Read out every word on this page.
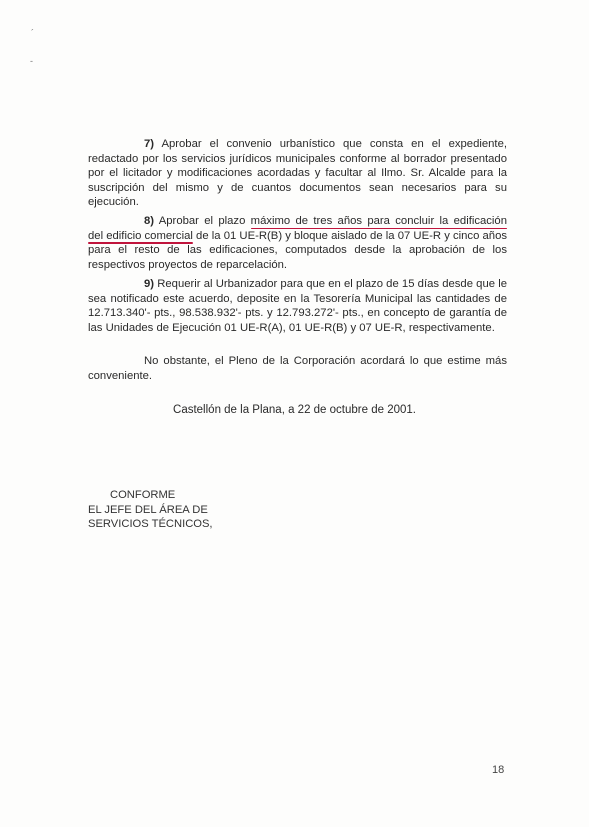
´
-

7) Aprobar el convenio urbanístico que consta en el expediente, redactado por los servicios jurídicos municipales conforme al borrador presentado por el licitador y modificaciones acordadas y facultar al Ilmo. Sr. Alcalde para la suscripción del mismo y de cuantos documentos sean necesarios para su ejecución.

8) Aprobar el plazo máximo de tres años para concluir la edificación del edificio comercial de la 01 UE-R(B) y bloque aislado de la 07 UE-R y cinco años para el resto de las edificaciones, computados desde la aprobación de los respectivos proyectos de reparcelación.

9) Requerir al Urbanizador para que en el plazo de 15 días desde que le sea notificado este acuerdo, deposite en la Tesorería Municipal las cantidades de 12.713.340'- pts., 98.538.932'- pts. y 12.793.272'- pts., en concepto de garantía de las Unidades de Ejecución 01 UE-R(A), 01 UE-R(B) y 07 UE-R, respectivamente.

No obstante, el Pleno de la Corporación acordará lo que estime más conveniente.

Castellón de la Plana, a 22 de octubre de 2001.
CONFORME
EL JEFE DEL ÁREA DE
SERVICIOS TÉCNICOS,
18
